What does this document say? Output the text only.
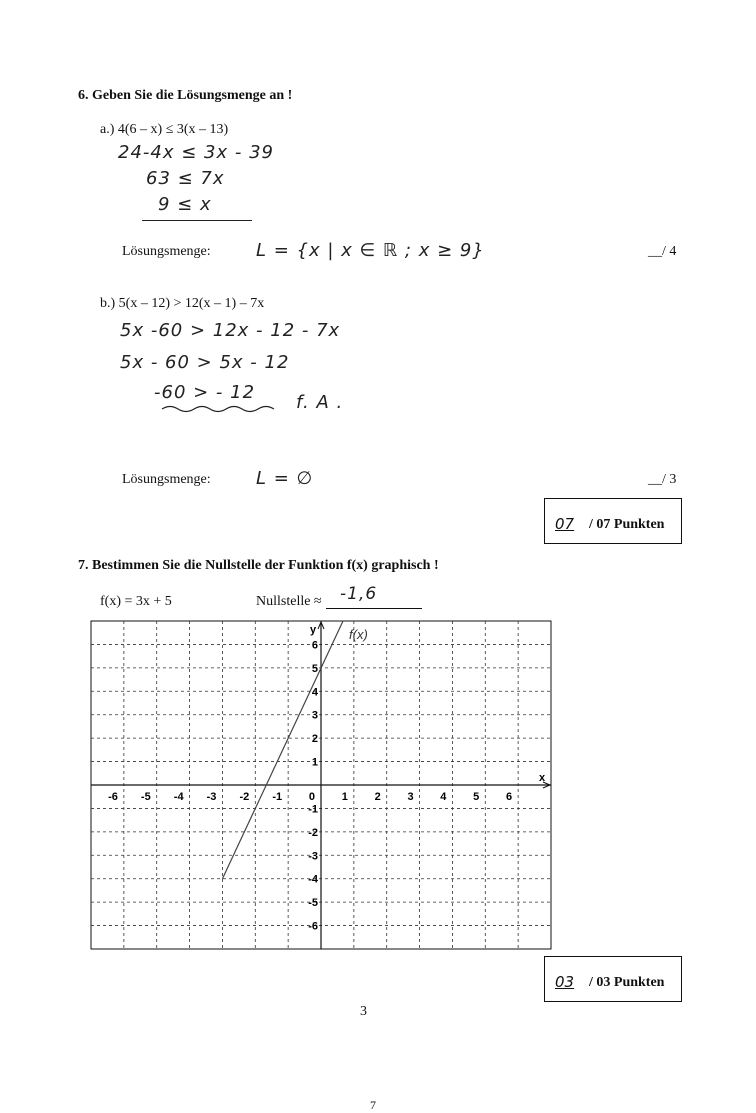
6. Geben Sie die Lösungsmenge an !
a.) 4(6 – x) ≤ 3(x – 13)
24-4x ≤ 3x - 39
63 ≤ 7x
9 ≤ x
Lösungsmenge:	L = {x | x ∈ ℝ ; x ≥ 9}	__/ 4
b.) 5(x – 12) > 12(x – 1) – 7x
5x -60 > 12x - 12 - 7x
5x - 60 > 5x - 12
-60 > - 12 f. A .
Lösungsmenge:	L = ∅	__/ 3
07 / 07 Punkten
7. Bestimmen Sie die Nullstelle der Funktion f(x) graphisch !
f(x) = 3x + 5	Nullstelle ≈ -1,6
x
y
-6 -5 -4 -3 -2 -1 0 1 2 3 4 5 6
6
5
4
3
2
1
-1
-2
-3
-4
-5
-6
f(x)
03 / 03 Punkten
3
7
